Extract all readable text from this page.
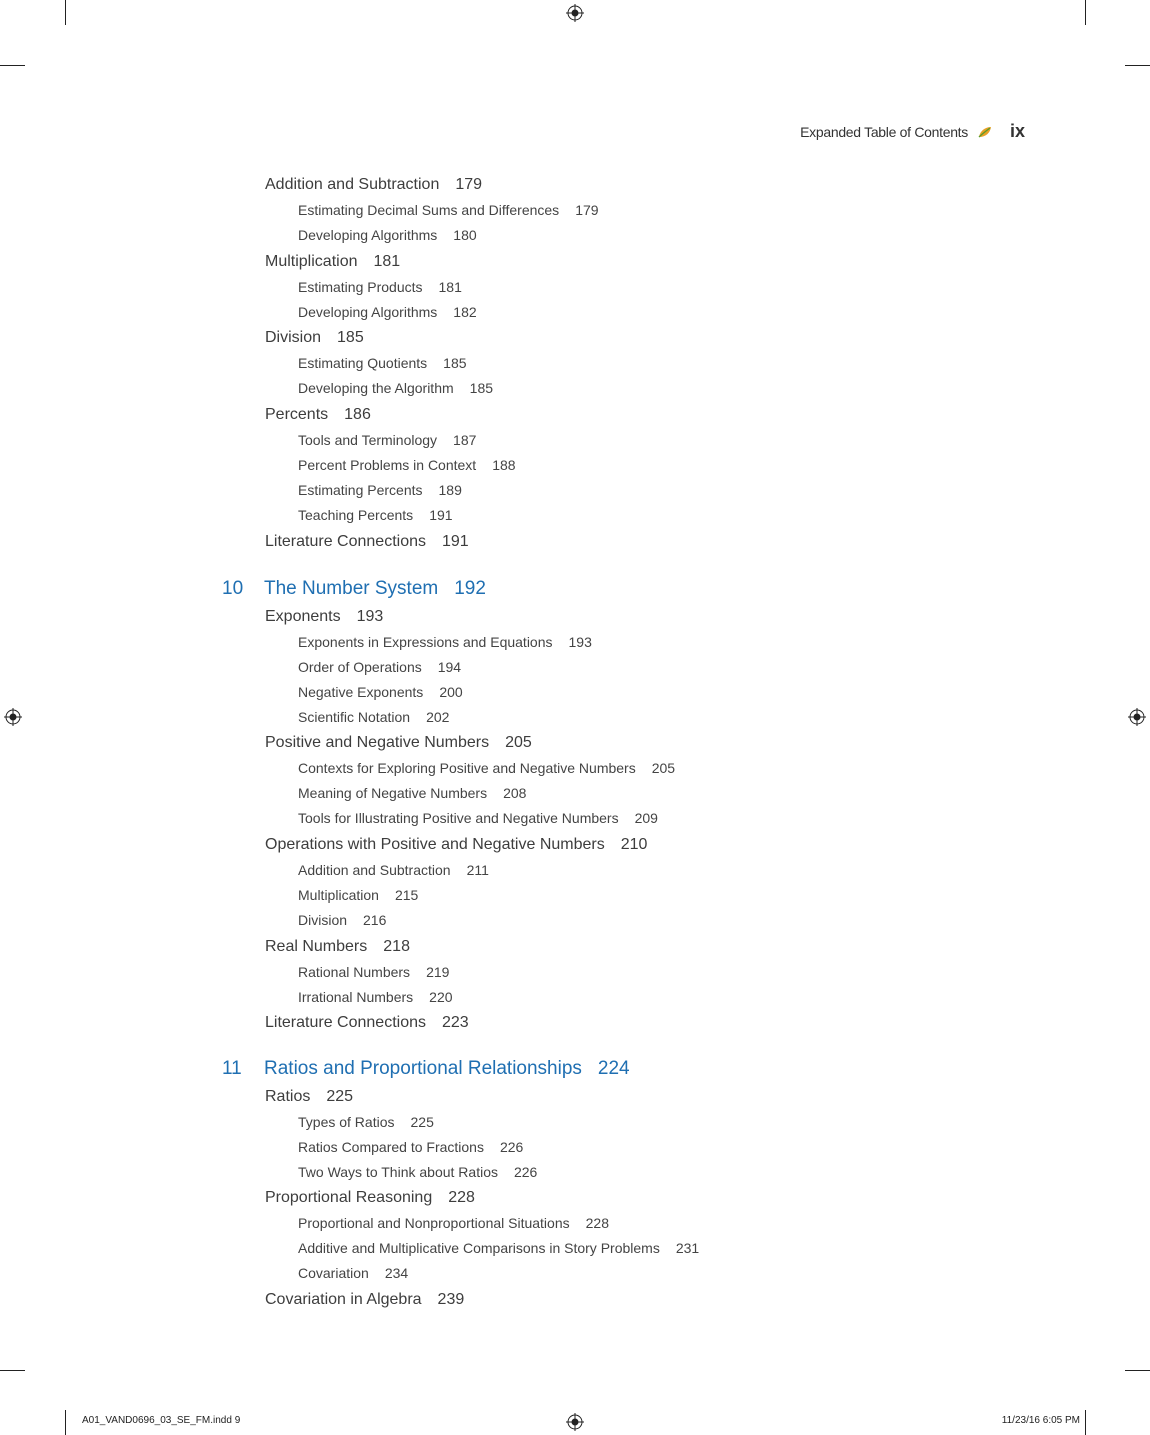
Expanded Table of Contents ix
Addition and Subtraction 179
Estimating Decimal Sums and Differences 179
Developing Algorithms 180
Multiplication 181
Estimating Products 181
Developing Algorithms 182
Division 185
Estimating Quotients 185
Developing the Algorithm 185
Percents 186
Tools and Terminology 187
Percent Problems in Context 188
Estimating Percents 189
Teaching Percents 191
Literature Connections 191
10 The Number System 192
Exponents 193
Exponents in Expressions and Equations 193
Order of Operations 194
Negative Exponents 200
Scientific Notation 202
Positive and Negative Numbers 205
Contexts for Exploring Positive and Negative Numbers 205
Meaning of Negative Numbers 208
Tools for Illustrating Positive and Negative Numbers 209
Operations with Positive and Negative Numbers 210
Addition and Subtraction 211
Multiplication 215
Division 216
Real Numbers 218
Rational Numbers 219
Irrational Numbers 220
Literature Connections 223
11 Ratios and Proportional Relationships 224
Ratios 225
Types of Ratios 225
Ratios Compared to Fractions 226
Two Ways to Think about Ratios 226
Proportional Reasoning 228
Proportional and Nonproportional Situations 228
Additive and Multiplicative Comparisons in Story Problems 231
Covariation 234
Covariation in Algebra 239
A01_VAND0696_03_SE_FM.indd 9	11/23/16 6:05 PM
